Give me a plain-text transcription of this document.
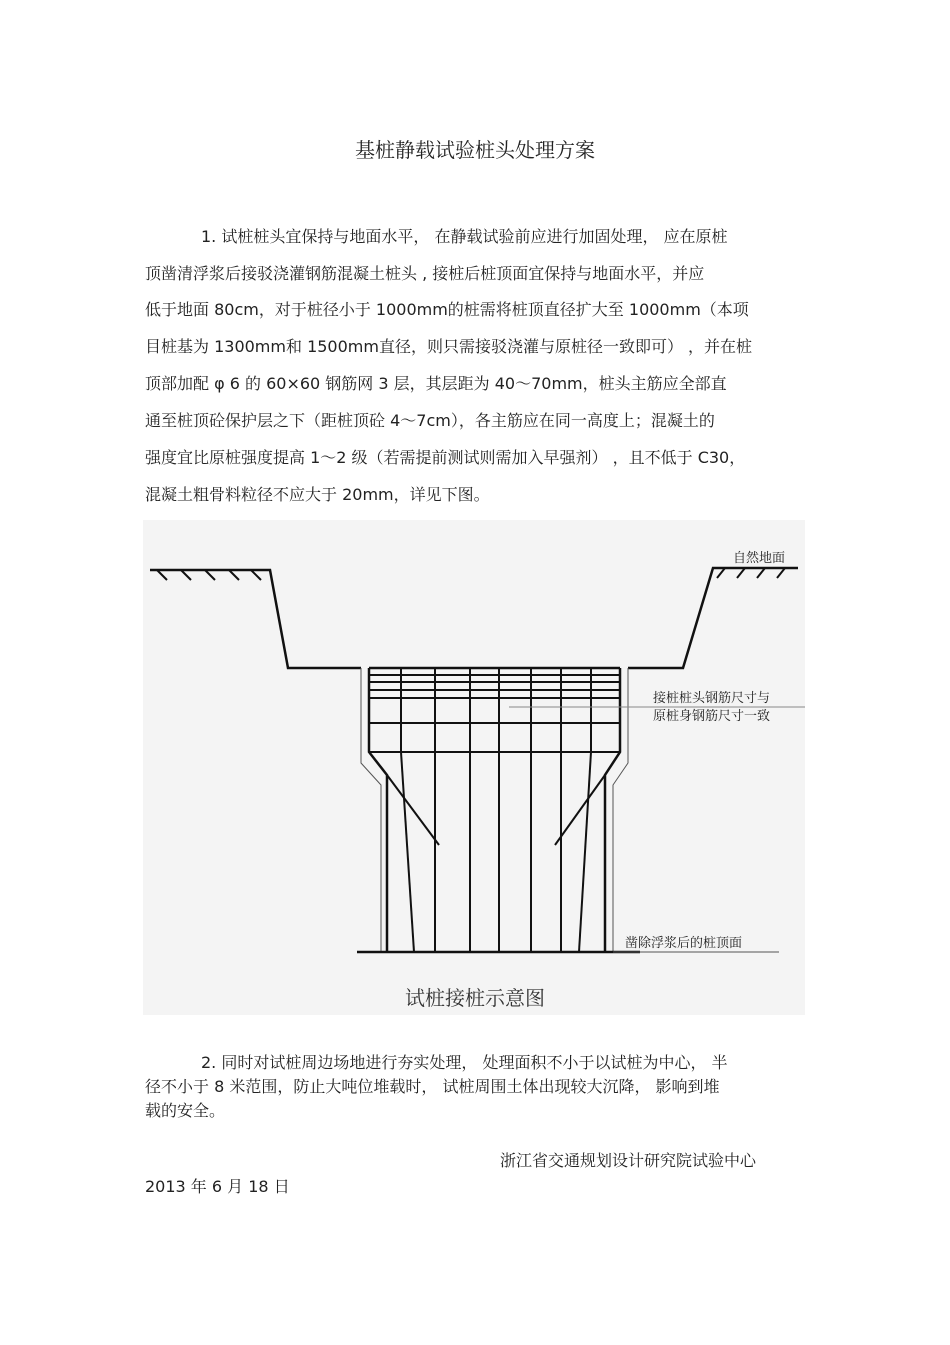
基桩静载试验桩头处理方案
1. 试桩桩头宜保持与地面水平， 在静载试验前应进行加固处理， 应在原桩
顶凿清浮浆后接驳浇灌钢筋混凝土桩头 , 接桩后桩顶面宜保持与地面水平，并应
低于地面 80cm，对于桩径小于 1000mm的桩需将桩顶直径扩大至 1000mm（本项
目桩基为 1300mm和 1500mm直径，则只需接驳浇灌与原桩径一致即可） ，并在桩
顶部加配 φ 6 的 60×60 钢筋网 3 层，其层距为 40～70mm，桩头主筋应全部直
通至桩顶砼保护层之下（距桩顶砼 4～7cm），各主筋应在同一高度上；混凝土的
强度宜比原桩强度提高 1～2 级（若需提前测试则需加入早强剂） ，且不低于 C30，
混凝土粗骨料粒径不应大于 20mm，详见下图。
自然地面
接桩桩头钢筋尺寸与
原桩身钢筋尺寸一致
凿除浮浆后的桩顶面
试桩接桩示意图
2. 同时对试桩周边场地进行夯实处理， 处理面积不小于以试桩为中心， 半
径不小于 8 米范围，防止大吨位堆载时， 试桩周围土体出现较大沉降， 影响到堆
载的安全。
浙江省交通规划设计研究院试验中心
2013 年 6 月 18 日
